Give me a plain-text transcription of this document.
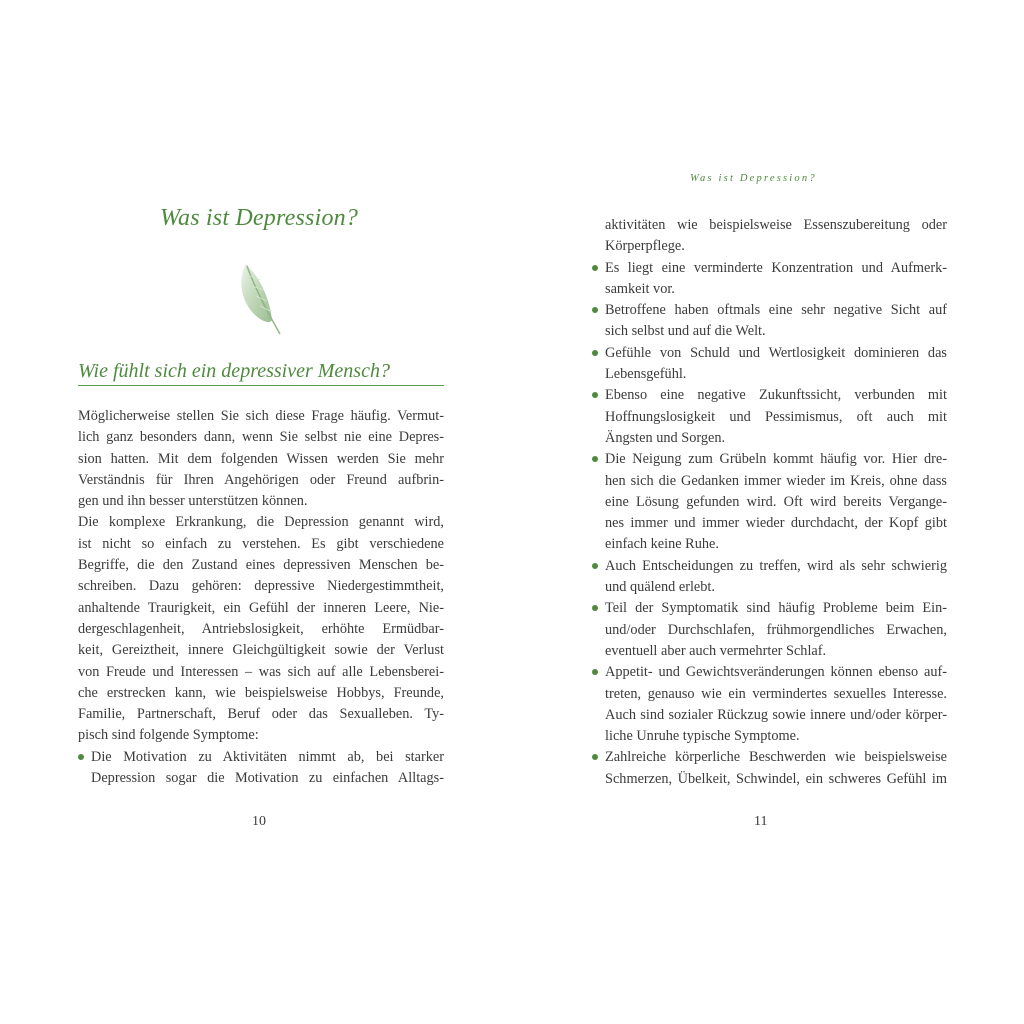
Was ist Depression?
Wie fühlt sich ein depressiver Mensch?
Möglicherweise stellen Sie sich diese Frage häufig. Vermut-
lich ganz besonders dann, wenn Sie selbst nie eine Depres-
sion hatten. Mit dem folgenden Wissen werden Sie mehr
Verständnis für Ihren Angehörigen oder Freund aufbrin-
gen und ihn besser unterstützen können.
Die komplexe Erkrankung, die Depression genannt wird,
ist nicht so einfach zu verstehen. Es gibt verschiedene
Begriffe, die den Zustand eines depressiven Menschen be-
schreiben. Dazu gehören: depressive Niedergestimmtheit,
anhaltende Traurigkeit, ein Gefühl der inneren Leere, Nie-
dergeschlagenheit, Antriebslosigkeit, erhöhte Ermüdbar-
keit, Gereiztheit, innere Gleichgültigkeit sowie der Verlust
von Freude und Interessen – was sich auf alle Lebensberei-
che erstrecken kann, wie beispielsweise Hobbys, Freunde,
Familie, Partnerschaft, Beruf oder das Sexualleben. Ty-
pisch sind folgende Symptome:
Die Motivation zu Aktivitäten nimmt ab, bei starker
Depression sogar die Motivation zu einfachen Alltags-
10
Was ist Depression?
aktivitäten wie beispielsweise Essenszubereitung oder
Körperpflege.
Es liegt eine verminderte Konzentration und Aufmerk-
samkeit vor.
Betroffene haben oftmals eine sehr negative Sicht auf
sich selbst und auf die Welt.
Gefühle von Schuld und Wertlosigkeit dominieren das
Lebensgefühl.
Ebenso eine negative Zukunftssicht, verbunden mit
Hoffnungslosigkeit und Pessimismus, oft auch mit
Ängsten und Sorgen.
Die Neigung zum Grübeln kommt häufig vor. Hier dre-
hen sich die Gedanken immer wieder im Kreis, ohne dass
eine Lösung gefunden wird. Oft wird bereits Vergange-
nes immer und immer wieder durchdacht, der Kopf gibt
einfach keine Ruhe.
Auch Entscheidungen zu treffen, wird als sehr schwierig
und quälend erlebt.
Teil der Symptomatik sind häufig Probleme beim Ein-
und/oder Durchschlafen, frühmorgendliches Erwachen,
eventuell aber auch vermehrter Schlaf.
Appetit- und Gewichtsveränderungen können ebenso auf-
treten, genauso wie ein vermindertes sexuelles Interesse.
Auch sind sozialer Rückzug sowie innere und/oder körper-
liche Unruhe typische Symptome.
Zahlreiche körperliche Beschwerden wie beispielsweise
Schmerzen, Übelkeit, Schwindel, ein schweres Gefühl im
11
